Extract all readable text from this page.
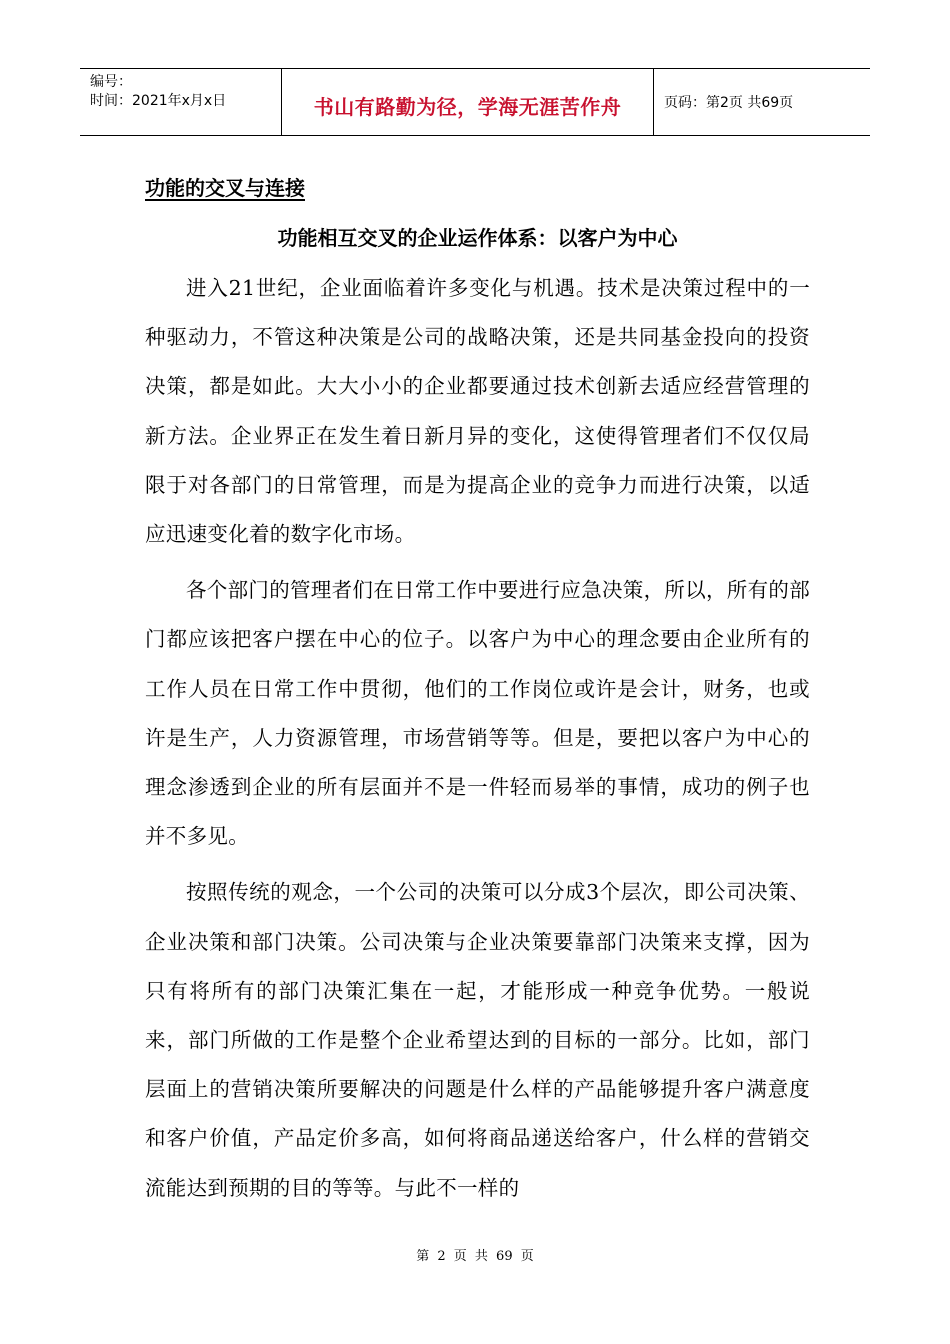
编号：
时间：2021年x月x日	书山有路勤为径，学海无涯苦作舟	页码：第2页 共69页
功能的交叉与连接
功能相互交叉的企业运作体系：以客户为中心

进入21世纪，企业面临着许多变化与机遇。技术是决策过程中的一种驱动力，不管这种决策是公司的战略决策，还是共同基金投向的投资决策，都是如此。大大小小的企业都要通过技术创新去适应经营管理的新方法。企业界正在发生着日新月异的变化，这使得管理者们不仅仅局限于对各部门的日常管理，而是为提高企业的竞争力而进行决策，以适应迅速变化着的数字化市场。

各个部门的管理者们在日常工作中要进行应急决策，所以，所有的部门都应该把客户摆在中心的位子。以客户为中心的理念要由企业所有的工作人员在日常工作中贯彻，他们的工作岗位或许是会计，财务，也或许是生产，人力资源管理，市场营销等等。但是，要把以客户为中心的理念渗透到企业的所有层面并不是一件轻而易举的事情，成功的例子也并不多见。

按照传统的观念，一个公司的决策可以分成3个层次，即公司决策、企业决策和部门决策。公司决策与企业决策要靠部门决策来支撑，因为只有将所有的部门决策汇集在一起，才能形成一种竞争优势。一般说来，部门所做的工作是整个企业希望达到的目标的一部分。比如，部门层面上的营销决策所要解决的问题是什么样的产品能够提升客户满意度和客户价值，产品定价多高，如何将商品递送给客户，什么样的营销交流能达到预期的目的等等。与此不一样的

第 2 页 共 69 页
